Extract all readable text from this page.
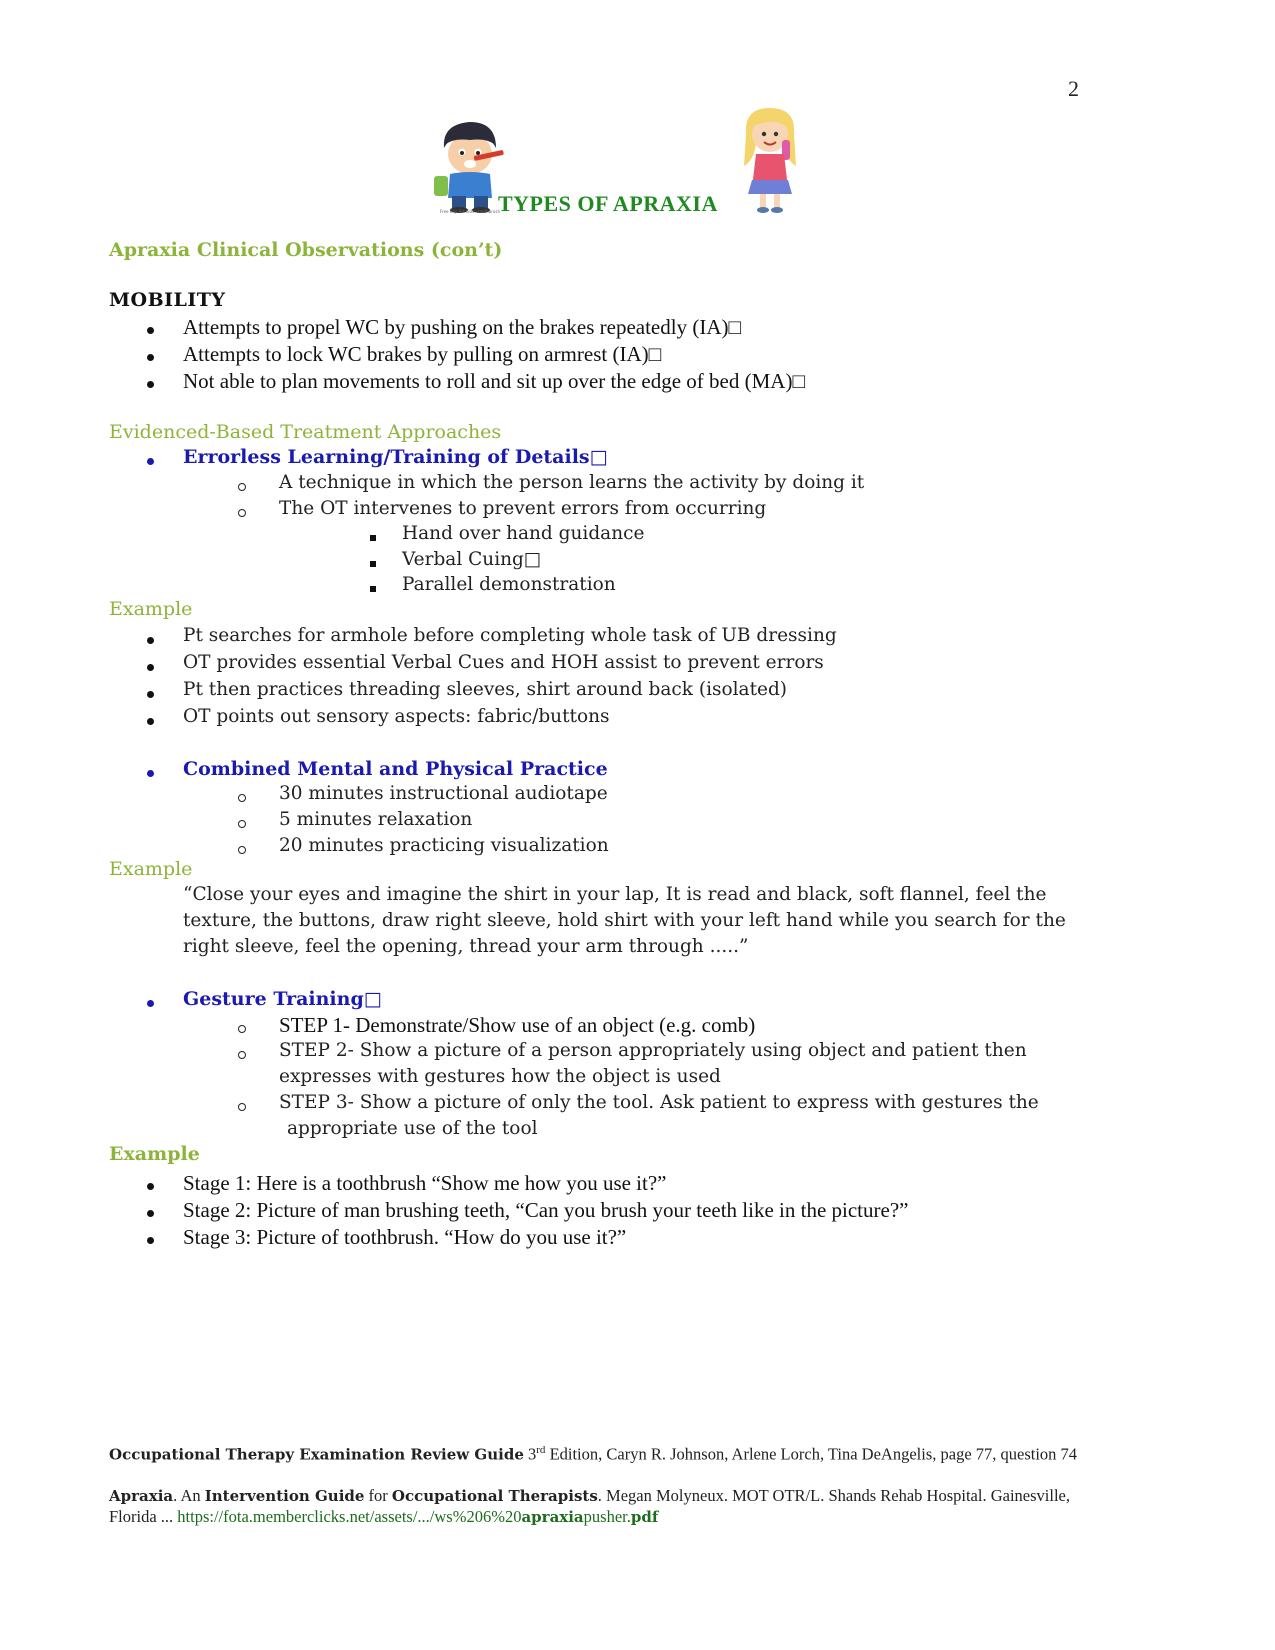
2
Free Clip Art Kids - toothbrush
TYPES OF APRAXIA
Apraxia Clinical Observations (con’t)
MOBILITY
Attempts to propel WC by pushing on the brakes repeatedly (IA)□
Attempts to lock WC brakes by pulling on armrest (IA)□
Not able to plan movements to roll and sit up over the edge of bed (MA)□
Evidenced-Based Treatment Approaches
Errorless Learning/Training of Details□
A technique in which the person learns the activity by doing it
The OT intervenes to prevent errors from occurring
Hand over hand guidance
Verbal Cuing□
Parallel demonstration
Example
Pt searches for armhole before completing whole task of UB dressing
OT provides essential Verbal Cues and HOH assist to prevent errors
Pt then practices threading sleeves, shirt around back (isolated)
OT points out sensory aspects: fabric/buttons
Combined Mental and Physical Practice
30 minutes instructional audiotape
5 minutes relaxation
20 minutes practicing visualization
Example
“Close your eyes and imagine the shirt in your lap, It is read and black, soft flannel, feel the
texture, the buttons, draw right sleeve, hold shirt with your left hand while you search for the
right sleeve, feel the opening, thread your arm through .....”
Gesture Training□
STEP 1- Demonstrate/Show use of an object (e.g. comb)
STEP 2- Show a picture of a person appropriately using object and patient then
expresses with gestures how the object is used
STEP 3- Show a picture of only the tool. Ask patient to express with gestures the
appropriate use of the tool
Example
Stage 1: Here is a toothbrush “Show me how you use it?”
Stage 2: Picture of man brushing teeth, “Can you brush your teeth like in the picture?”
Stage 3: Picture of toothbrush. “How do you use it?”
Occupational Therapy Examination Review Guide 3rd Edition, Caryn R. Johnson, Arlene Lorch, Tina DeAngelis, page 77, question 74
Apraxia. An Intervention Guide for Occupational Therapists. Megan Molyneux. MOT OTR/L. Shands Rehab Hospital. Gainesville,
Florida ... https://fota.memberclicks.net/assets/.../ws%206%20apraxiapusher.pdf
